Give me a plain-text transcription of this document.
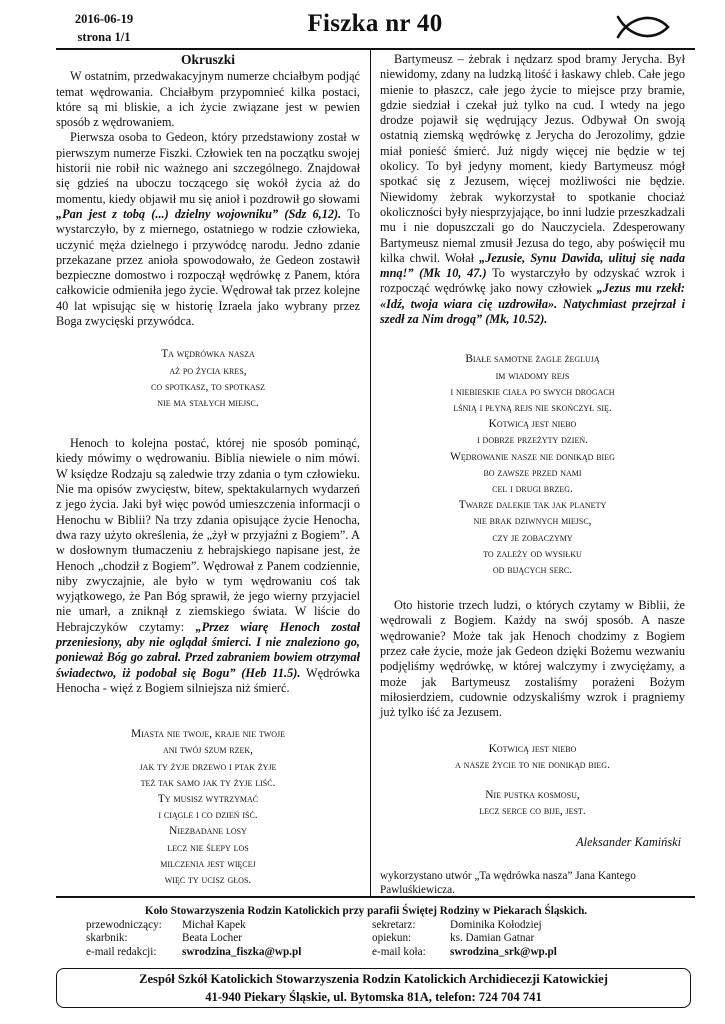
2016-06-19
strona 1/1	Fiszka nr 40
Okruszki

W ostatnim, przedwakacyjnym numerze chciałbym podjąć temat wędrowania. Chciałbym przypomnieć kilka postaci, które są mi bliskie, a ich życie związane jest w pewien sposób z wędrowaniem.

Pierwsza osoba to Gedeon, który przedstawiony został w pierwszym numerze Fiszki. Człowiek ten na początku swojej historii nie robił nic ważnego ani szczególnego. Znajdował się gdzieś na uboczu toczącego się wokół życia aż do momentu, kiedy objawił mu się anioł i pozdrowił go słowami „Pan jest z tobą (...) dzielny wojowniku” (Sdz 6,12). To wystarczyło, by z miernego, ostatniego w rodzie człowieka, uczynić męża dzielnego i przywódcę narodu. Jedno zdanie przekazane przez anioła spowodowało, że Gedeon zostawił bezpieczne domostwo i rozpoczął wędrówkę z Panem, która całkowicie odmieniła jego życie. Wędrował tak przez kolejne 40 lat wpisując się w historię Izraela jako wybrany przez Boga zwycięski przywódca.

Ta wędrówka nasza
aż po życia kres,
co spotkasz, to spotkasz
nie ma stałych miejsc.

Henoch to kolejna postać, której nie sposób pominąć, kiedy mówimy o wędrowaniu. Biblia niewiele o nim mówi. W księdze Rodzaju są zaledwie trzy zdania o tym człowieku. Nie ma opisów zwycięstw, bitew, spektakularnych wydarzeń z jego życia. Jaki był więc powód umieszczenia informacji o Henochu w Biblii? Na trzy zdania opisujące życie Henocha, dwa razy użyto określenia, że „żył w przyjaźni z Bogiem”. A w dosłownym tłumaczeniu z hebrajskiego napisane jest, że Henoch „chodził z Bogiem”. Wędrował z Panem codziennie, niby zwyczajnie, ale było w tym wędrowaniu coś tak wyjątkowego, że Pan Bóg sprawił, że jego wierny przyjaciel nie umarł, a zniknął z ziemskiego świata. W liście do Hebrajczyków czytamy: „Przez wiarę Henoch został przeniesiony, aby nie oglądał śmierci. I nie znaleziono go, ponieważ Bóg go zabrał. Przed zabraniem bowiem otrzymał świadectwo, iż podobał się Bogu” (Heb 11.5). Wędrówka Henocha - więź z Bogiem silniejsza niż śmierć.

Miasta nie twoje, kraje nie twoje
ani twój szum rzek,
jak ty żyje drzewo i ptak żyje
też tak samo jak ty żyje liść.
Ty musisz wytrzymać
i ciągle i co dzień iść.
Niezbadane losy
lecz nie ślepy los
milczenia jest więcej
więc ty ucisz głos.

Bartymeusz – żebrak i nędzarz spod bramy Jerycha. Był niewidomy, zdany na ludzką litość i łaskawy chleb. Całe jego mienie to płaszcz, całe jego życie to miejsce przy bramie, gdzie siedział i czekał już tylko na cud. I wtedy na jego drodze pojawił się wędrujący Jezus. Odbywał On swoją ostatnią ziemską wędrówkę z Jerycha do Jerozolimy, gdzie miał ponieść śmierć. Już nigdy więcej nie będzie w tej okolicy. To był jedyny moment, kiedy Bartymeusz mógł spotkać się z Jezusem, więcej możliwości nie będzie. Niewidomy żebrak wykorzystał to spotkanie chociaż okoliczności były niesprzyjające, bo inni ludzie przeszkadzali mu i nie dopuszczali go do Nauczyciela. Zdesperowany Bartymeusz niemal zmusił Jezusa do tego, aby poświęcił mu kilka chwil. Wołał „Jezusie, Synu Dawida, ulituj się nada mną!” (Mk 10, 47.) To wystarczyło by odzyskać wzrok i rozpocząć wędrówkę jako nowy człowiek „Jezus mu rzekł: «Idź, twoja wiara cię uzdrowiła». Natychmiast przejrzał i szedł za Nim drogą” (Mk, 10.52).

Białe samotne żagle żeglują
im wiadomy rejs
i niebieskie ciała po swych drogach
lśnią i płyną rejs nie skończył się.
Kotwicą jest niebo
i dobrze przeżyty dzień.
Wędrowanie nasze nie donikąd bieg
bo zawsze przed nami
cel i drugi brzeg.
Twarze dalekie tak jak planety
nie brak dziwnych miejsc,
czy je zobaczymy
to zależy od wysiłku
od bijących serc.

Oto historie trzech ludzi, o których czytamy w Biblii, że wędrowali z Bogiem. Każdy na swój sposób. A nasze wędrowanie? Może tak jak Henoch chodzimy z Bogiem przez całe życie, może jak Gedeon dzięki Bożemu wezwaniu podjęliśmy wędrówkę, w której walczymy i zwyciężamy, a może jak Bartymeusz zostaliśmy porażeni Bożym miłosierdziem, cudownie odzyskaliśmy wzrok i pragniemy już tylko iść za Jezusem.

Kotwicą jest niebo
a nasze życie to nie donikąd bieg.
Nie pustka kosmosu,
lecz serce co bije, jest.
Aleksander Kamiński
wykorzystano utwór „Ta wędrówka nasza” Jana Kantego Pawluśkiewicza.
Koło Stowarzyszenia Rodzin Katolickich przy parafii Świętej Rodziny w Piekarach Śląskich.
przewodniczący:	Michał Kapek	sekretarz:	Dominika Kołodziej
skarbnik:	Beata Locher	opiekun:	ks. Damian Gatnar
e-mail redakcji:	swrodzina_fiszka@wp.pl	e-mail koła:	swrodzina_srk@wp.pl
Zespół Szkół Katolickich Stowarzyszenia Rodzin Katolickich Archidiecezji Katowickiej
41-940 Piekary Śląskie, ul. Bytomska 81A, telefon: 724 704 741
